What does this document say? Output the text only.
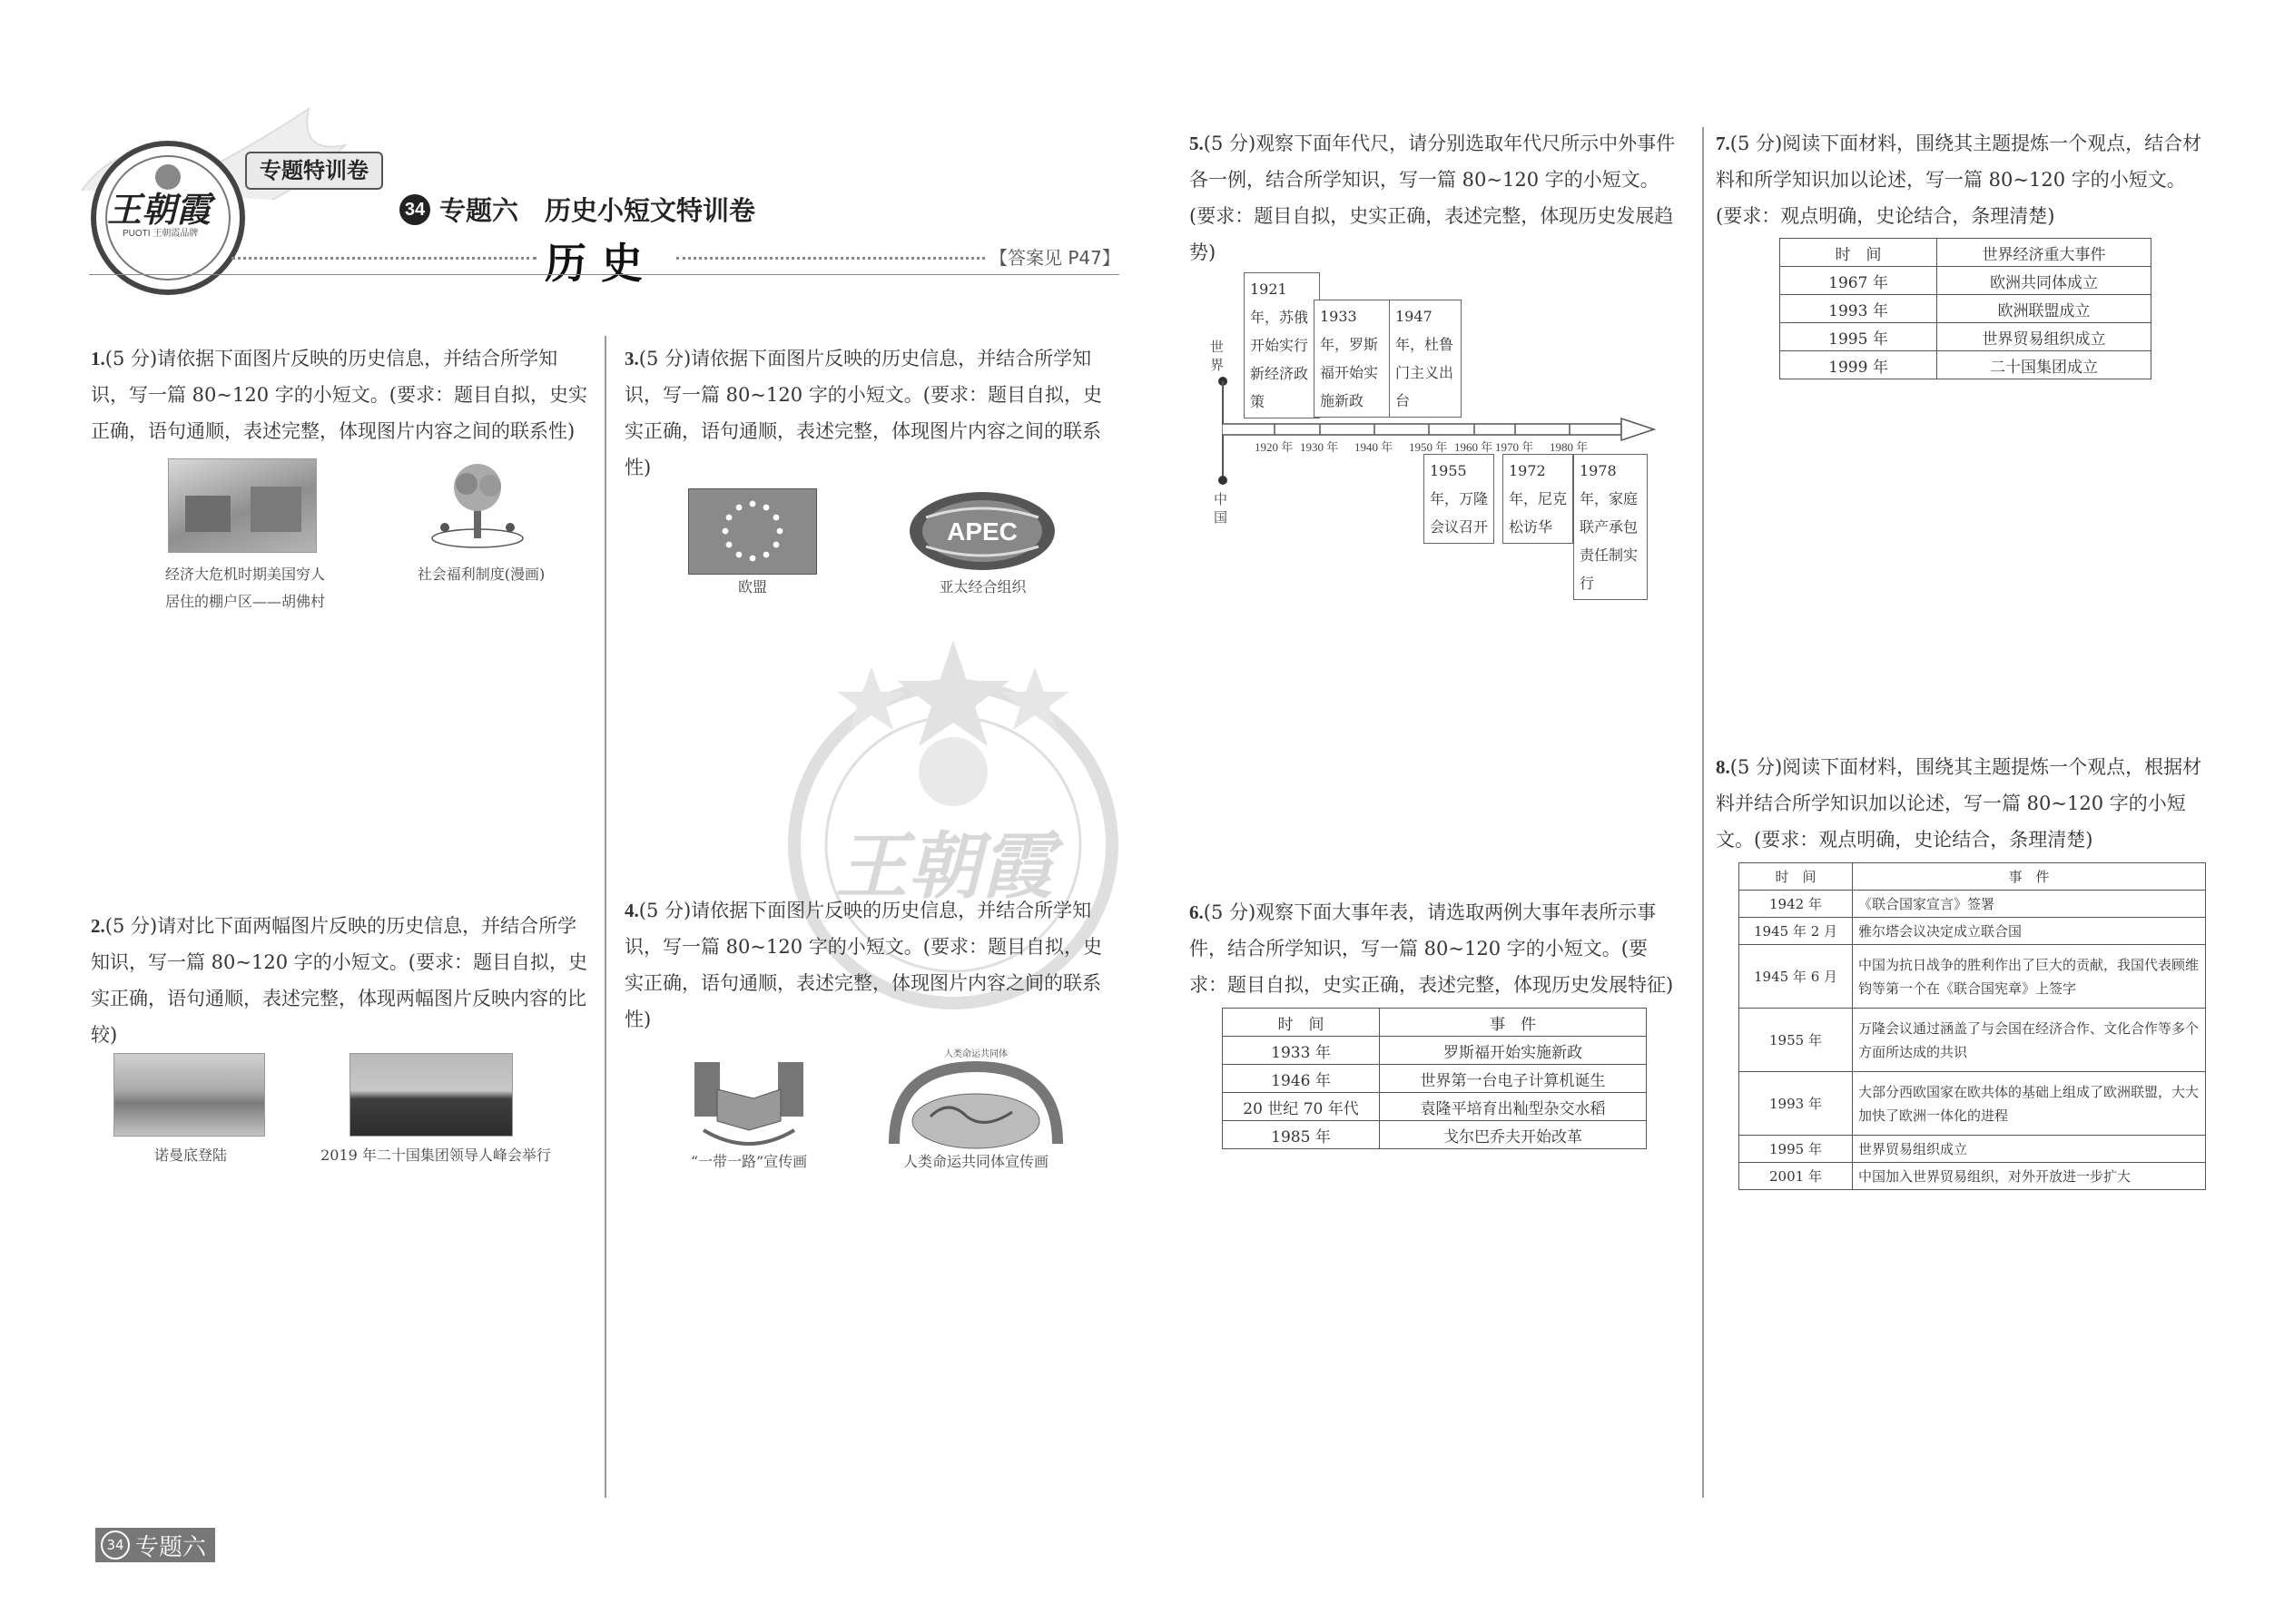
王朝霞
PUOTI 王朝霞品牌
专题特训卷
34 专题六　历史小短文特训卷
历 史	【答案见 P47】
王朝霞
1.(5 分)请依据下面图片反映的历史信息，并结合所学知识，写一篇 80~120 字的小短文。(要求：题目自拟，史实正确，语句通顺，表述完整，体现图片内容之间的联系性)
经济大危机时期美国穷人
居住的棚户区——胡佛村
社会福利制度(漫画)
2.(5 分)请对比下面两幅图片反映的历史信息，并结合所学知识，写一篇 80~120 字的小短文。(要求：题目自拟，史实正确，语句通顺，表述完整，体现两幅图片反映内容的比较)
诺曼底登陆	2019 年二十国集团领导人峰会举行
3.(5 分)请依据下面图片反映的历史信息，并结合所学知识，写一篇 80~120 字的小短文。(要求：题目自拟，史实正确，语句通顺，表述完整，体现图片内容之间的联系性)
APEC
欧盟	亚太经合组织
4.(5 分)请依据下面图片反映的历史信息，并结合所学知识，写一篇 80~120 字的小短文。(要求：题目自拟，史实正确，语句通顺，表述完整，体现图片内容之间的联系性)
人类命运共同体
“一带一路”宣传画	人类命运共同体宣传画
5.(5 分)观察下面年代尺，请分别选取年代尺所示中外事件各一例，结合所学知识，写一篇 80~120 字的小短文。(要求：题目自拟，史实正确，表述完整，体现历史发展趋势)
世界
中国
1920 年 1930 年 1940 年 1950 年 1960 年 1970 年 1980 年
1921年，苏俄开始实行新经济政策
1933年，罗斯福开始实施新政
1947年，杜鲁门主义出台
1955年，万隆会议召开
1972年，尼克松访华
1978年，家庭联产承包责任制实行
6.(5 分)观察下面大事年表，请选取两例大事年表所示事件，结合所学知识，写一篇 80~120 字的小短文。(要求：题目自拟，史实正确，表述完整，体现历史发展特征)
时　间	事　件
1933 年	罗斯福开始实施新政
1946 年	世界第一台电子计算机诞生
20 世纪 70 年代	袁隆平培育出籼型杂交水稻
1985 年	戈尔巴乔夫开始改革
7.(5 分)阅读下面材料，围绕其主题提炼一个观点，结合材料和所学知识加以论述，写一篇 80~120 字的小短文。(要求：观点明确，史论结合，条理清楚)
时　间	世界经济重大事件
1967 年	欧洲共同体成立
1993 年	欧洲联盟成立
1995 年	世界贸易组织成立
1999 年	二十国集团成立
8.(5 分)阅读下面材料，围绕其主题提炼一个观点，根据材料并结合所学知识加以论述，写一篇 80~120 字的小短文。(要求：观点明确，史论结合，条理清楚)
时　间	事　件
1942 年	《联合国家宣言》签署
1945 年 2 月	雅尔塔会议决定成立联合国
1945 年 6 月	中国为抗日战争的胜利作出了巨大的贡献，我国代表顾维钧等第一个在《联合国宪章》上签字
1955 年	万隆会议通过涵盖了与会国在经济合作、文化合作等多个方面所达成的共识
1993 年	大部分西欧国家在欧共体的基础上组成了欧洲联盟，大大加快了欧洲一体化的进程
1995 年	世界贸易组织成立
2001 年	中国加入世界贸易组织，对外开放进一步扩大
34 专题六
